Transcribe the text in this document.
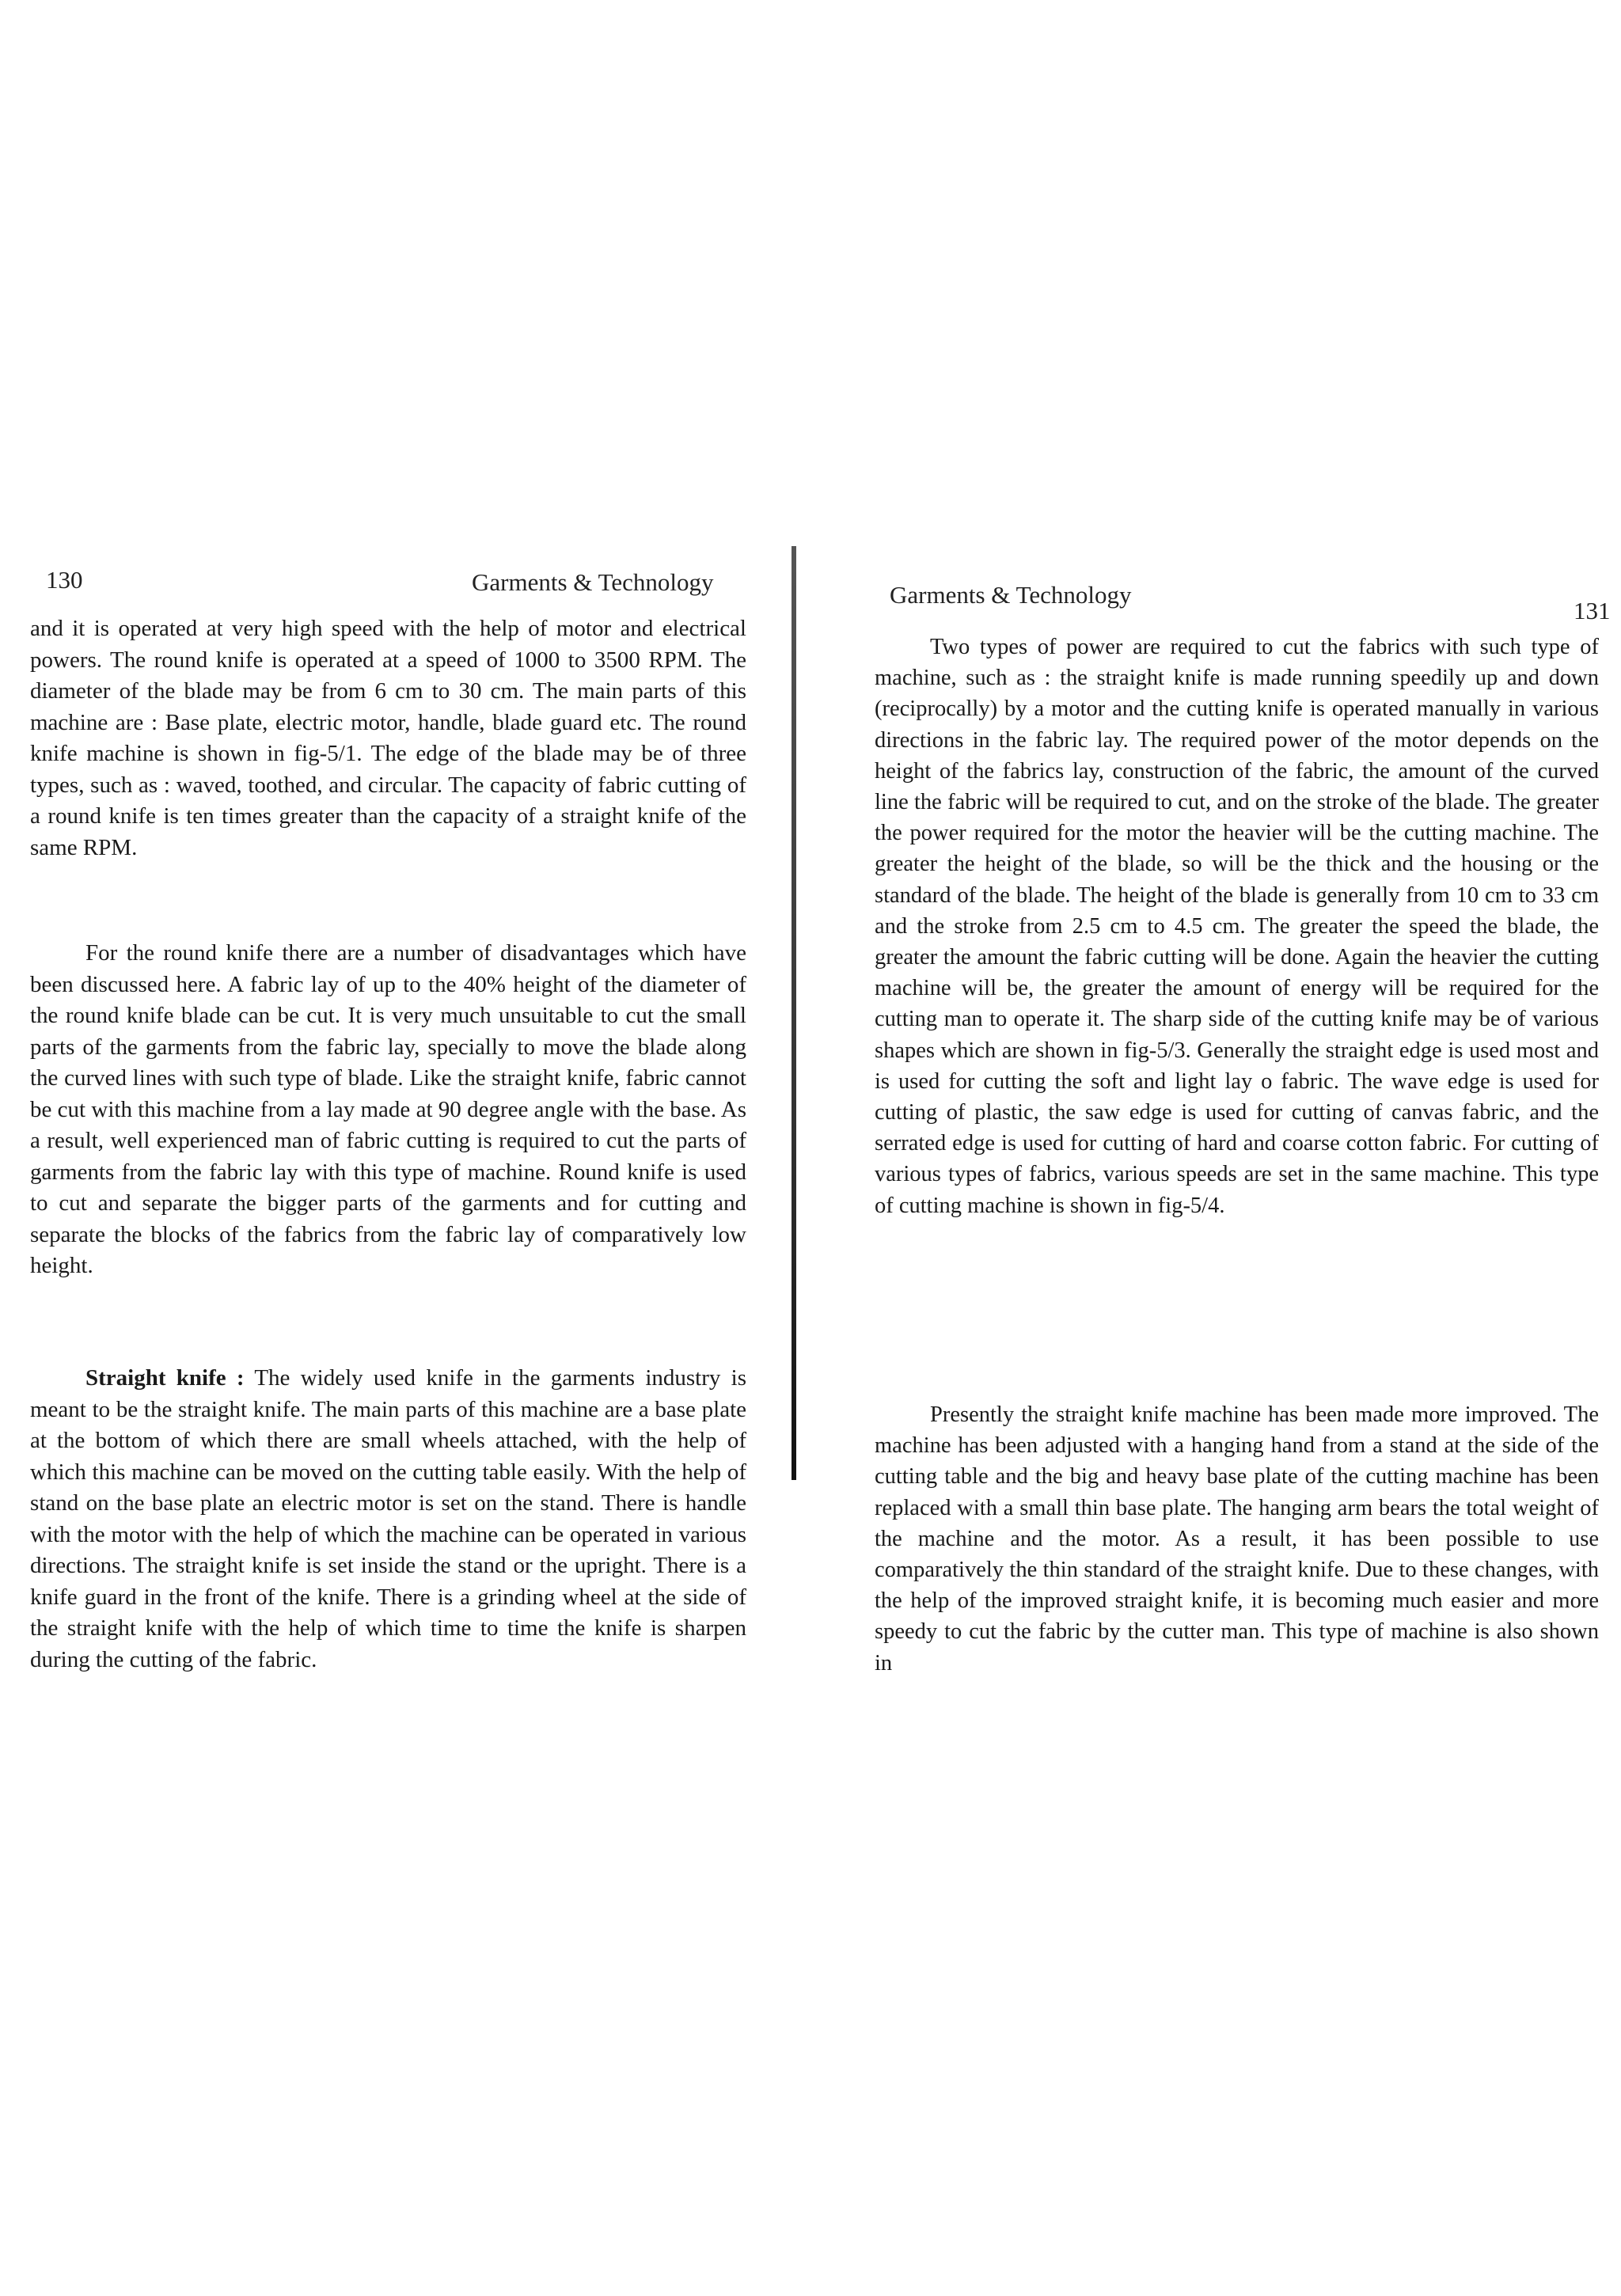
130	Garments & Technology

and it is operated at very high speed with the help of motor and electrical powers. The round knife is operated at a speed of 1000 to 3500 RPM. The diameter of the blade may be from 6 cm to 30 cm. The main parts of this machine are : Base plate, electric motor, handle, blade guard etc. The round knife machine is shown in fig-5/1. The edge of the blade may be of three types, such as : waved, toothed, and circular. The capacity of fabric cutting of a round knife is ten times greater than the capacity of a straight knife of the same RPM.

For the round knife there are a number of disadvantages which have been discussed here. A fabric lay of up to the 40% height of the diameter of the round knife blade can be cut. It is very much unsuitable to cut the small parts of the garments from the fabric lay, specially to move the blade along the curved lines with such type of blade. Like the straight knife, fabric cannot be cut with this machine from a lay made at 90 degree angle with the base. As a result, well experienced man of fabric cutting is required to cut the parts of garments from the fabric lay with this type of machine. Round knife is used to cut and separate the bigger parts of the garments and for cutting and separate the blocks of the fabrics from the fabric lay of comparatively low height.

Straight knife : The widely used knife in the garments industry is meant to be the straight knife. The main parts of this machine are a base plate at the bottom of which there are small wheels attached, with the help of which this machine can be moved on the cutting table easily. With the help of stand on the base plate an electric motor is set on the stand. There is handle with the motor with the help of which the machine can be operated in various directions. The straight knife is set inside the stand or the upright. There is a knife guard in the front of the knife. There is a grinding wheel at the side of the straight knife with the help of which time to time the knife is sharpen during the cutting of the fabric.

Garments & Technology
131

Two types of power are required to cut the fabrics with such type of machine, such as : the straight knife is made running speedily up and down (reciprocally) by a motor and the cutting knife is operated manually in various directions in the fabric lay. The required power of the motor depends on the height of the fabrics lay, construction of the fabric, the amount of the curved line the fabric will be required to cut, and on the stroke of the blade. The greater the power required for the motor the heavier will be the cutting machine. The greater the height of the blade, so will be the thick and the housing or the standard of the blade. The height of the blade is generally from 10 cm to 33 cm and the stroke from 2.5 cm to 4.5 cm. The greater the speed the blade, the greater the amount the fabric cutting will be done. Again the heavier the cutting machine will be, the greater the amount of energy will be required for the cutting man to operate it. The sharp side of the cutting knife may be of various shapes which are shown in fig-5/3. Generally the straight edge is used most and is used for cutting the soft and light lay o fabric. The wave edge is used for cutting of plastic, the saw edge is used for cutting of canvas fabric, and the serrated edge is used for cutting of hard and coarse cotton fabric. For cutting of various types of fabrics, various speeds are set in the same machine. This type of cutting machine is shown in fig-5/4.

Presently the straight knife machine has been made more improved. The machine has been adjusted with a hanging hand from a stand at the side of the cutting table and the big and heavy base plate of the cutting machine has been replaced with a small thin base plate. The hanging arm bears the total weight of the machine and the motor. As a result, it has been possible to use comparatively the thin standard of the straight knife. Due to these changes, with the help of the improved straight knife, it is becoming much easier and more speedy to cut the fabric by the cutter man. This type of machine is also shown in
